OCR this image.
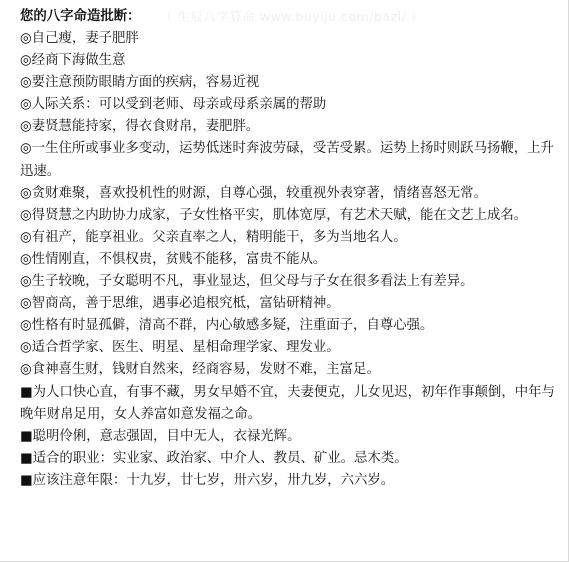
您的八字命造批断： （ 生辰八字算命 www.buyiju.com/bazi/ ）
◎自己瘦，妻子肥胖
◎经商下海做生意
◎要注意预防眼睛方面的疾病，容易近视
◎人际关系：可以受到老师、母亲或母系亲属的帮助
◎妻贤慧能持家，得衣食财帛，妻肥胖。
◎一生住所或事业多变动，运势低迷时奔波劳碌，受苦受累。运势上扬时则跃马扬鞭，上升迅速。
◎贪财难聚，喜欢投机性的财源，自尊心强，较重视外表穿著，情绪喜怒无常。
◎得贤慧之内助协力成家，子女性格平实，肌体宽厚，有艺术天赋，能在文艺上成名。
◎有祖产，能享祖业。父亲直率之人，精明能干，多为当地名人。
◎性情刚直，不惧权贵，贫贱不能移，富贵不能从。
◎生子较晚，子女聪明不凡，事业显达，但父母与子女在很多看法上有差异。
◎智商高，善于思维，遇事必追根究柢，富钻研精神。
◎性格有时显孤僻，清高不群，内心敏感多疑，注重面子，自尊心强。
◎适合哲学家、医生、明星、星相命理学家、理发业。
◎食神喜生财，钱财自然来，经商容易，发财不难，主富足。
■为人口快心直，有事不藏，男女早婚不宜，夫妻便克，儿女见迟，初年作事颠倒，中年与晚年财帛足用，女人养富如意发福之命。
■聪明伶俐，意志强固，目中无人，衣禄光辉。
■适合的职业：实业家、政治家、中介人、教员、矿业。忌木类。
■应该注意年限：十九岁，廿七岁，卅六岁，卅九岁，六六岁。
